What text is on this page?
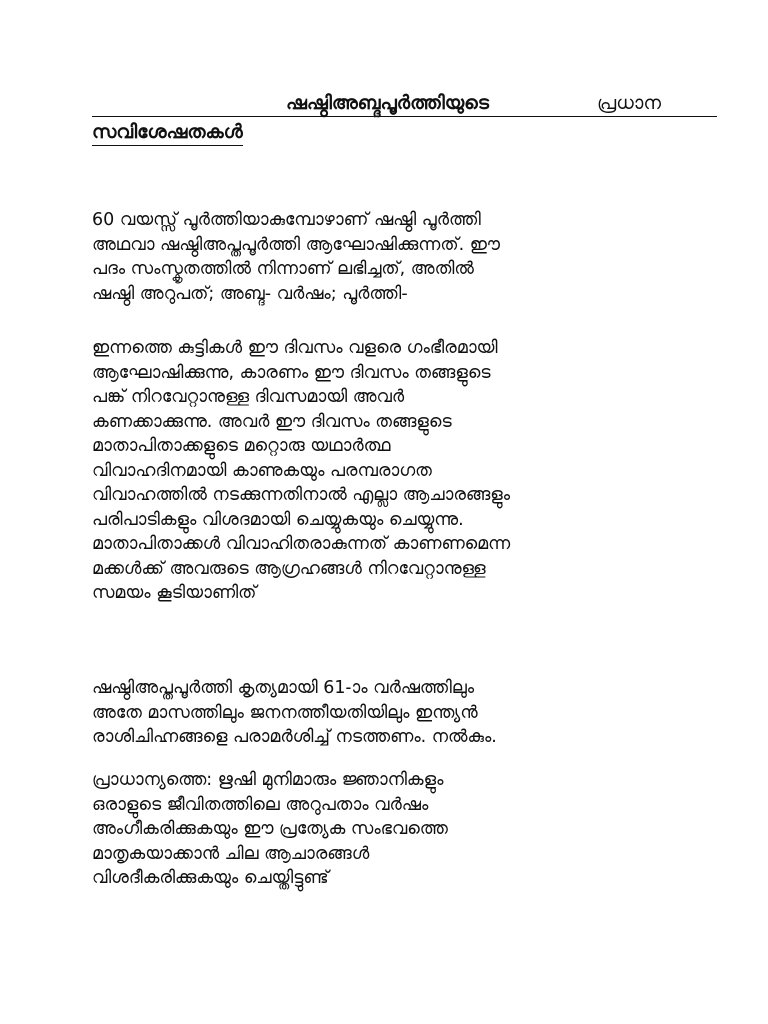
ഷഷ്ഠിഅബ്ദപൂർത്തിയുടെ	പ്രധാന
സവിശേഷതകൾ
60 വയസ്സ് പൂർത്തിയാകുമ്പോഴാണ് ഷഷ്ഠി പൂർത്തി
അഥവാ ഷഷ്ഠിഅപ്തപൂർത്തി ആഘോഷിക്കുന്നത്. ഈ
പദം സംസ്കൃതത്തിൽ നിന്നാണ് ലഭിച്ചത്, അതിൽ
ഷഷ്ഠി അറുപത്; അബ്ദ- വർഷം; പൂർത്തി-
ഇന്നത്തെ കുട്ടികൾ ഈ ദിവസം വളരെ ഗംഭീരമായി
ആഘോഷിക്കുന്നു, കാരണം ഈ ദിവസം തങ്ങളുടെ
പങ്ക് നിറവേറ്റാനുള്ള ദിവസമായി അവർ
കണക്കാക്കുന്നു. അവർ ഈ ദിവസം തങ്ങളുടെ
മാതാപിതാക്കളുടെ മറ്റൊരു യഥാർത്ഥ
വിവാഹദിനമായി കാണുകയും പരമ്പരാഗത
വിവാഹത്തിൽ നടക്കുന്നതിനാൽ എല്ലാ ആചാരങ്ങളും
പരിപാടികളും വിശദമായി ചെയ്യുകയും ചെയ്യുന്നു.
മാതാപിതാക്കൾ വിവാഹിതരാകുന്നത് കാണണമെന്ന
മക്കൾക്ക് അവരുടെ ആഗ്രഹങ്ങൾ നിറവേറ്റാനുള്ള
സമയം കൂടിയാണിത്
ഷഷ്ഠിഅപ്തപൂർത്തി കൃത്യമായി 61-ാം വർഷത്തിലും
അതേ മാസത്തിലും ജനനത്തീയതിയിലും ഇന്ത്യൻ
രാശിചിഹ്നങ്ങളെ പരാമർശിച്ച് നടത്തണം. നൽകും.
പ്രാധാന്യത്തെ: ഋഷി മുനിമാരും ജ്ഞാനികളും
ഒരാളുടെ ജീവിതത്തിലെ അറുപതാം വർഷം
അംഗീകരിക്കുകയും ഈ പ്രത്യേക സംഭവത്തെ
മാതൃകയാക്കാൻ ചില ആചാരങ്ങൾ
വിശദീകരിക്കുകയും ചെയ്തിട്ടുണ്ട്
